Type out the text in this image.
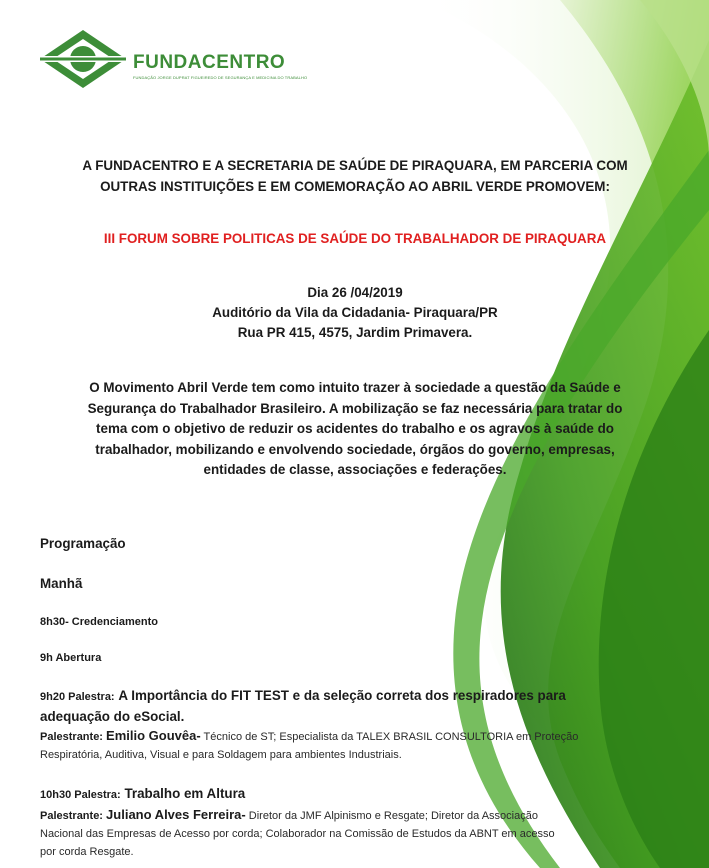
FUNDACENTRO
FUNDAÇÃO JORGE DUPRAT FIGUEIREDO DE SEGURANÇA E MEDICINA DO TRABALHO
A FUNDACENTRO E A SECRETARIA DE SAÚDE DE PIRAQUARA, EM PARCERIA COM
OUTRAS INSTITUIÇÕES E EM COMEMORAÇÃO AO ABRIL VERDE PROMOVEM:
III FORUM SOBRE POLITICAS DE SAÚDE DO TRABALHADOR DE PIRAQUARA
Dia 26 /04/2019
Auditório da Vila da Cidadania- Piraquara/PR
Rua PR 415, 4575, Jardim Primavera.
O Movimento Abril Verde tem como intuito trazer à sociedade a questão da Saúde e
Segurança do Trabalhador Brasileiro. A mobilização se faz necessária para tratar do
tema com o objetivo de reduzir os acidentes do trabalho e os agravos à saúde do
trabalhador, mobilizando e envolvendo sociedade, órgãos do governo, empresas,
entidades de classe, associações e federações.
Programação
Manhã
8h30- Credenciamento
9h Abertura
9h20 Palestra: A Importância do FIT TEST e da seleção correta dos respiradores para
adequação do eSocial.
Palestrante: Emilio Gouvêa- Técnico de ST; Especialista da TALEX BRASIL CONSULTORIA em Proteção
Respiratória, Auditiva, Visual e para Soldagem para ambientes Industriais.
10h30 Palestra: Trabalho em Altura
Palestrante: Juliano Alves Ferreira- Diretor da JMF Alpinismo e Resgate; Diretor da Associação
Nacional das Empresas de Acesso por corda; Colaborador na Comissão de Estudos da ABNT em acesso
por corda Resgate.
